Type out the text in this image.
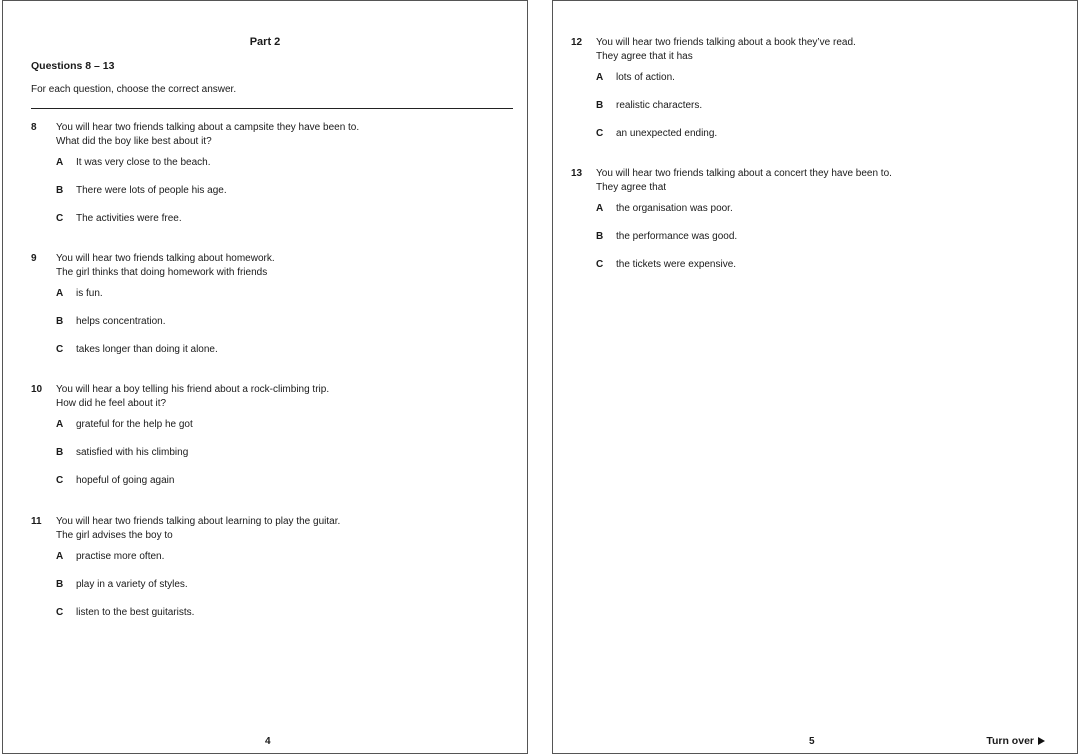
Part 2
Questions 8 – 13
For each question, choose the correct answer.
8 You will hear two friends talking about a campsite they have been to.
What did the boy like best about it?
A It was very close to the beach.
B There were lots of people his age.
C The activities were free.
9 You will hear two friends talking about homework.
The girl thinks that doing homework with friends
A is fun.
B helps concentration.
C takes longer than doing it alone.
10 You will hear a boy telling his friend about a rock-climbing trip.
How did he feel about it?
A grateful for the help he got
B satisfied with his climbing
C hopeful of going again
11 You will hear two friends talking about learning to play the guitar.
The girl advises the boy to
A practise more often.
B play in a variety of styles.
C listen to the best guitarists.
4
12 You will hear two friends talking about a book they’ve read.
They agree that it has
A lots of action.
B realistic characters.
C an unexpected ending.
13 You will hear two friends talking about a concert they have been to.
They agree that
A the organisation was poor.
B the performance was good.
C the tickets were expensive.
5	Turn over
